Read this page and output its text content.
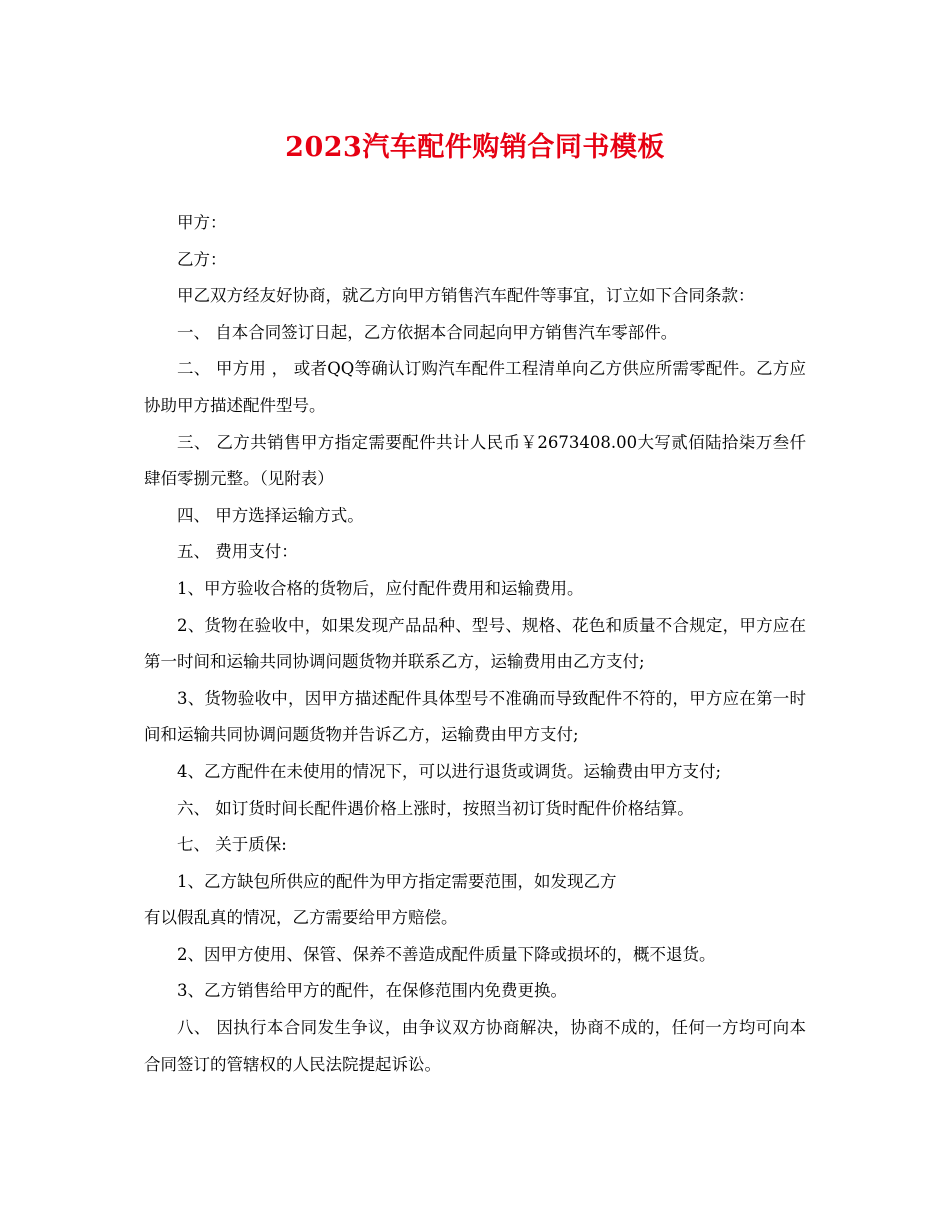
2023汽车配件购销合同书模板

甲方：

乙方：

甲乙双方经友好协商，就乙方向甲方销售汽车配件等事宜，订立如下合同条款：

一、 自本合同签订日起，乙方依据本合同起向甲方销售汽车零部件。

二、 甲方用 ， 或者QQ等确认订购汽车配件工程清单向乙方供应所需零配件。乙方应协助甲方描述配件型号。

三、 乙方共销售甲方指定需要配件共计人民币￥2673408.00大写贰佰陆拾柒万叁仟肆佰零捌元整。（见附表）

四、 甲方选择运输方式。

五、 费用支付：

1、甲方验收合格的货物后，应付配件费用和运输费用。

2、货物在验收中，如果发现产品品种、型号、规格、花色和质量不合规定，甲方应在第一时间和运输共同协调问题货物并联系乙方，运输费用由乙方支付;

3、货物验收中，因甲方描述配件具体型号不准确而导致配件不符的，甲方应在第一时间和运输共同协调问题货物并告诉乙方，运输费由甲方支付;

4、乙方配件在未使用的情况下，可以进行退货或调货。运输费由甲方支付;

六、 如订货时间长配件遇价格上涨时，按照当初订货时配件价格结算。

七、 关于质保:

1、乙方缺包所供应的配件为甲方指定需要范围，如发现乙方

有以假乱真的情况，乙方需要给甲方赔偿。

2、因甲方使用、保管、保养不善造成配件质量下降或损坏的，概不退货。

3、乙方销售给甲方的配件，在保修范围内免费更换。

八、 因执行本合同发生争议，由争议双方协商解决，协商不成的，任何一方均可向本合同签订的管辖权的人民法院提起诉讼。
